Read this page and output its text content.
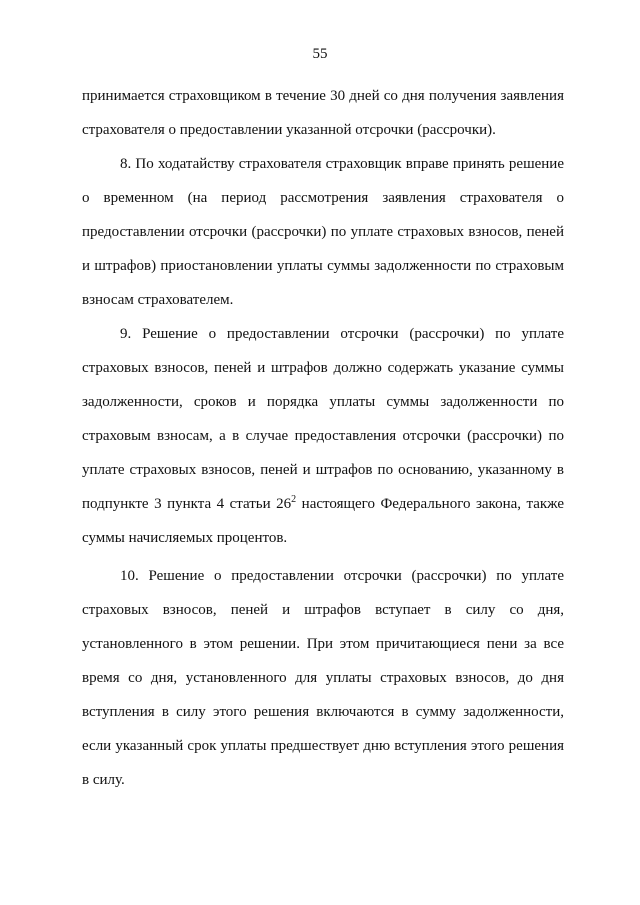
55
принимается страховщиком в течение 30 дней со дня получения заявления
страхователя о предоставлении указанной отсрочки (рассрочки).
8. По ходатайству страхователя страховщик вправе принять решение
о временном (на период рассмотрения заявления страхователя о
предоставлении отсрочки (рассрочки) по уплате страховых взносов, пеней
и штрафов) приостановлении уплаты суммы задолженности по страховым
взносам страхователем.
9. Решение о предоставлении отсрочки (рассрочки) по уплате
страховых взносов, пеней и штрафов должно содержать указание суммы
задолженности, сроков и порядка уплаты суммы задолженности по
страховым взносам, а в случае предоставления отсрочки (рассрочки) по
уплате страховых взносов, пеней и штрафов по основанию, указанному в
подпункте 3 пункта 4 статьи $26^2$ настоящего Федерального закона, также
суммы начисляемых процентов.
10. Решение о предоставлении отсрочки (рассрочки) по уплате
страховых взносов, пеней и штрафов вступает в силу со дня,
установленного в этом решении. При этом причитающиеся пени за все
время со дня, установленного для уплаты страховых взносов, до дня
вступления в силу этого решения включаются в сумму задолженности,
если указанный срок уплаты предшествует дню вступления этого решения
в силу.
